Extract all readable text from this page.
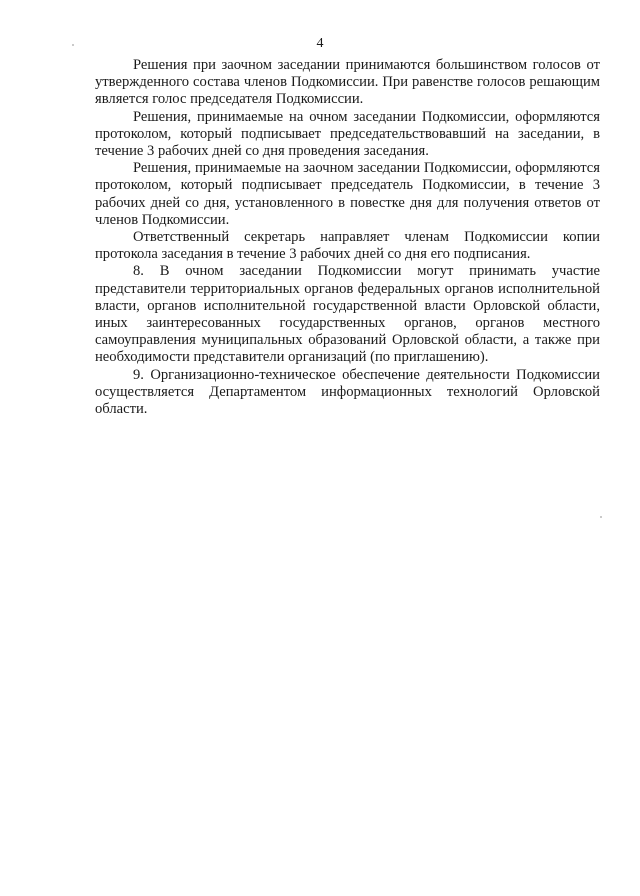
4

Решения при заочном заседании принимаются большинством голосов от утвержденного состава членов Подкомиссии. При равенстве голосов решающим является голос председателя Подкомиссии.

Решения, принимаемые на очном заседании Подкомиссии, оформляются протоколом, который подписывает председательствовавший на заседании, в течение 3 рабочих дней со дня проведения заседания.

Решения, принимаемые на заочном заседании Подкомиссии, оформляются протоколом, который подписывает председатель Подкомиссии, в течение 3 рабочих дней со дня, установленного в повестке дня для получения ответов от членов Подкомиссии.

Ответственный секретарь направляет членам Подкомиссии копии протокола заседания в течение 3 рабочих дней со дня его подписания.

8. В очном заседании Подкомиссии могут принимать участие представители территориальных органов федеральных органов исполнительной власти, органов исполнительной государственной власти Орловской области, иных заинтересованных государственных органов, органов местного самоуправления муниципальных образований Орловской области, а также при необходимости представители организаций (по приглашению).

9. Организационно-техническое обеспечение деятельности Подкомиссии осуществляется Департаментом информационных технологий Орловской области.
